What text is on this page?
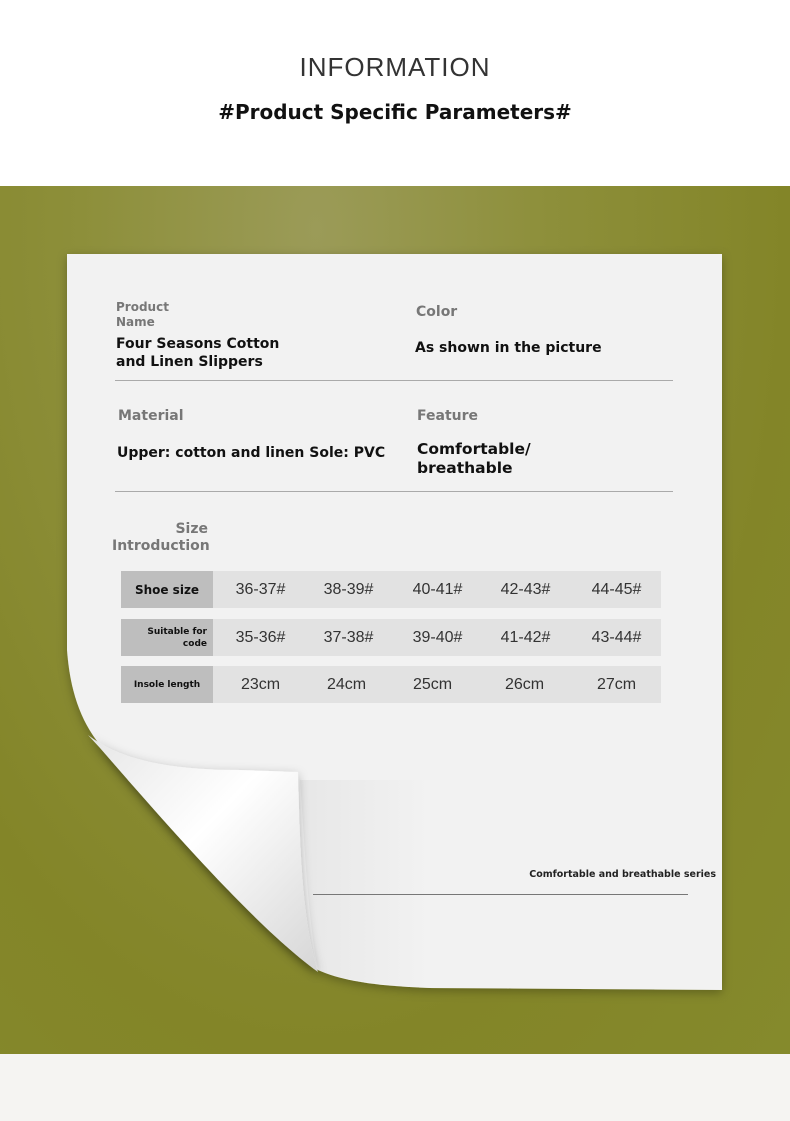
INFORMATION
#Product Specific Parameters#
Product Name
Four Seasons Cotton and Linen Slippers
Color
As shown in the picture
Material
Upper: cotton and linen Sole: PVC
Feature
Comfortable/ breathable
Size Introduction
Shoe size	36-37#	38-39#	40-41#	42-43#	44-45#
Suitable for code	35-36#	37-38#	39-40#	41-42#	43-44#
Insole length	23cm	24cm	25cm	26cm	27cm
Comfortable and breathable series
